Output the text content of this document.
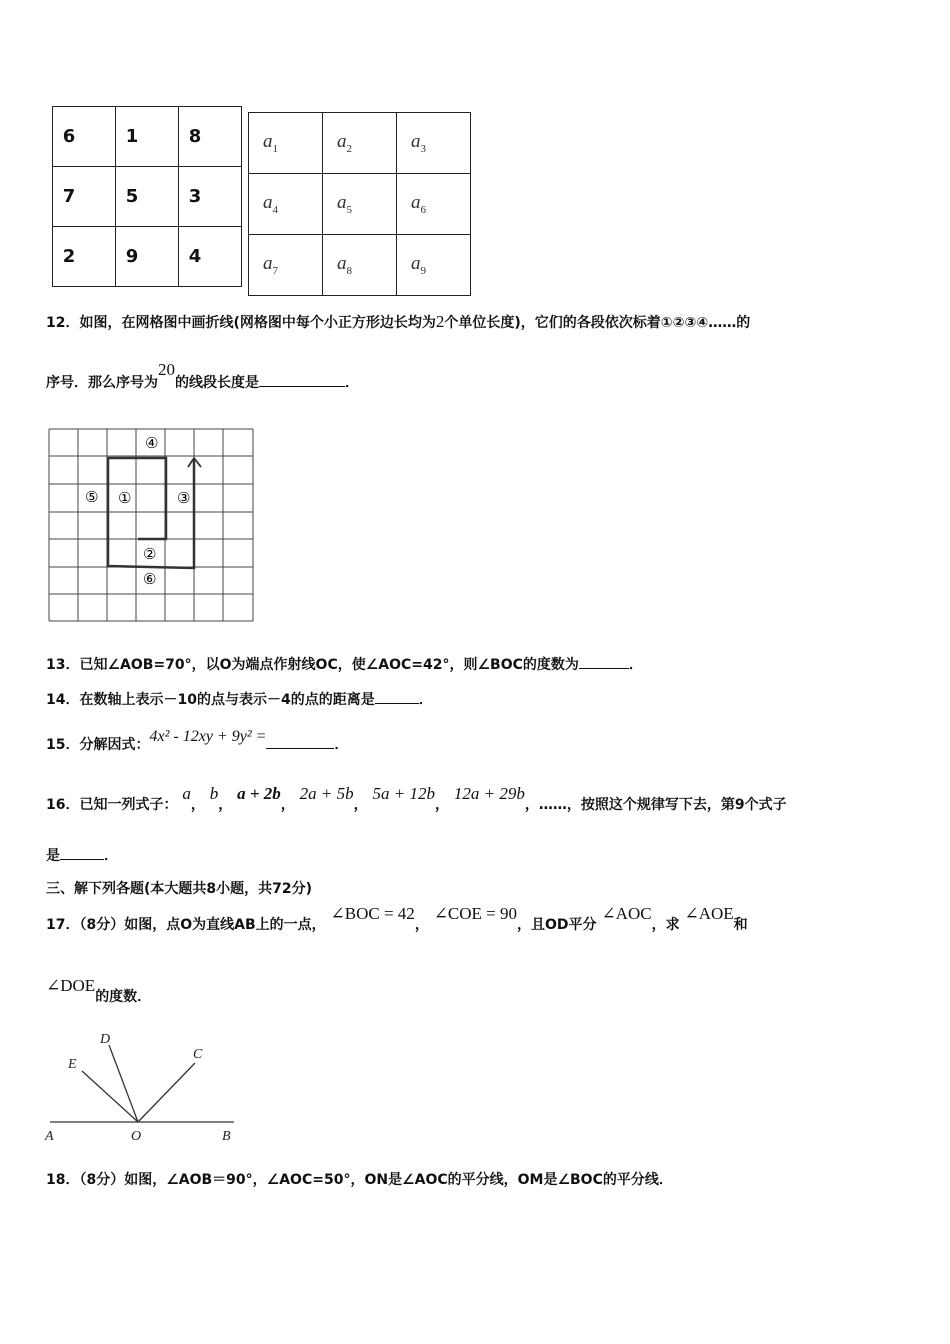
6	1	8
7	5	3
2	9	4
$a_1$	$a_2$	$a_3$
$a_4$	$a_5$	$a_6$
$a_7$	$a_8$	$a_9$
12．如图，在网格图中画折线(网格图中每个小正方形边长均为2个单位长度)，它们的各段依次标着①②③④……的
序号．那么序号为20的线段长度是	．
④
⑤ ①	③
②
⑥
13．已知∠AOB=70°，以O为端点作射线OC，使∠AOC=42°，则∠BOC的度数为	．
14．在数轴上表示－10的点与表示－4的点的距离是	．
15．分解因式：4x² - 12xy + 9y² =	．
16．已知一列式子： a， b， a + 2b， 2a + 5b， 5a + 12b， 12a + 29b，……，按照这个规律写下去，第9个式子
是	．
三、解下列各题(本大题共8小题，共72分)
17．（8分）如图，点O为直线AB上的一点， ∠BOC = 42， ∠COE = 90，且OD平分 ∠AOC，求 ∠AOE和
∠DOE的度数．
D
E
C
A	O	B
18．（8分）如图，∠AOB＝90°，∠AOC=50°，ON是∠AOC的平分线，OM是∠BOC的平分线．
